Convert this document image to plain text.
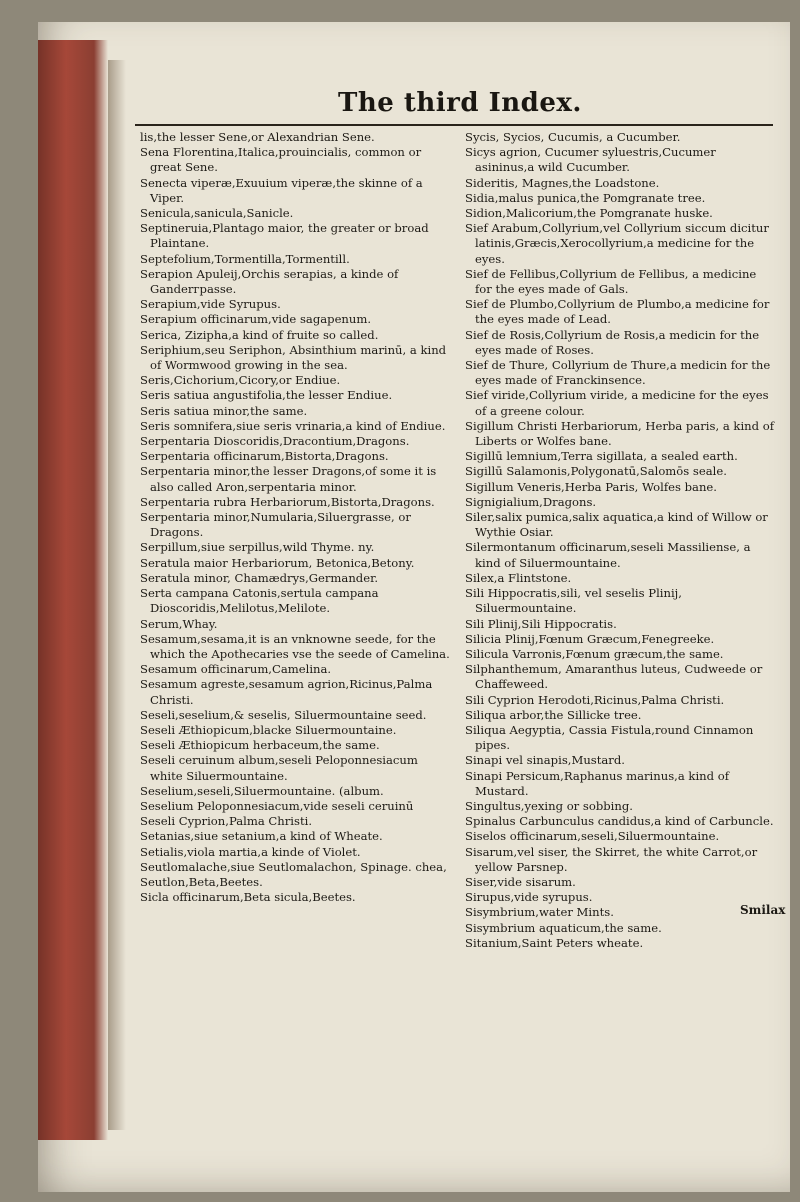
The third Index.

lis,the lesser Sene,or Alexandrian Sene.

Sena Florentina,Italica,prouincialis, common or great Sene.

Seneсta viperæ,Exuuium viperæ,the skinne of a Viper.

Senicula,sanicula,Sanicle.

Septineruia,Plantago maior, the greater or broad Plaintane.

Septefolium,Tormentilla,Tormentill.

Serapion Apuleij,Orchis serapias, a kinde of Ganderграsse.

Serapium,vide Syrupus.

Serapium officinarum,vide sagapenum.

Serica, Ziziphа,a kind of fruite so called.

Seriphium,seu Seriphon, Absinthium marinū, a kind of Wormwood growing in the sea.

Seris,Cichorium,Cicory,or Endiue.

Seris satiua angustifolia,the lesser Endiue.

Seris satiua minor,the same.

Seris somnifera,siue seris vrinaria,a kind of Endiue.

Serpentaria Dioscoridis,Dracontium,Dragons.

Serpentaria officinarum,Bistorta,Dragons.

Serpentaria minor,the lesser Dragons,of some it is also called Aron,serpentaria minor.

Serpentaria rubra Herbariorum,Bistorta,Dragons.

Serpentaria minor,Numularia,Siluergrasse, or Dragons.

Serpillum,siue serpillus,wild Thyme. ny.

Seratula maior Herbariorum, Betonica,Betony.

Seratula minor, Chamædrys,Germander.

Serta campana Catonis,sertula campana Dioscoridis,Melilotus,Melilote.

Serum,Whay.

Sesamum,sesama,it is an vnknowne seede, for the which the Apothecaries vse the seede of Camelina.

Sesamum officinarum,Camelina.

Sesamum agreste,sesamum agrion,Ricinus,Palma Christi.

Seseli,seselium,& seselis, Siluermountaine seed.

Seseli Æthiopicum,blacke Siluermountaine.

Seseli Æthiopicum herbaceum,the same.

Seseli ceruinum album,seseli Peloponnesiacum white Siluermountaine.

Seselium,seseli,Siluermountaine. (album.

Seselium Peloponnesiacum,vide seseli ceruinū

Seseli Cyprion,Palma Christi.

Setanias,siue setanium,a kind of Wheate.

Setialis,viola martia,a kinde of Violet.

Seutlomalache,siue Seutlomalachon, Spinage. chea,

Seutlon,Beta,Beetes.

Sicla officinarum,Beta sicula,Beetes.

Sycis, Sycios, Cucumis, a Cucumber.

Sicys agrion, Cucumer syluestris,Cucumer asininus,a wild Cucumber.

Sideritis, Magnes,the Loadstone.

Sidia,malus punica,the Pomgranate tree.

Sidion,Malicorium,the Pomgranate huske.

Sief Arabum,Collyrium,vel Collyrium siccum dicitur latinis,Græcis,Xerocollyrium,a medicine for the eyes.

Sief de Fellibus,Collyrium de Fellibus, a medicine for the eyes made of Gals.

Sief de Plumbo,Collyrium de Plumbo,a medicine for the eyes made of Lead.

Sief de Rosis,Collyrium de Rosis,a medicin for the eyes made of Roses.

Sief de Thure, Collyrium de Thure,a medicin for the eyes made of Franckinsence.

Sief viride,Collyrium viride, a medicine for the eyes of a greene colour.

Sigillum Christi Herbariorum, Herba paris, a kind of Liberts or Wolfes bane.

Sigillū lemnium,Terra sigillata, a sealed earth.

Sigillū Salamonis,Polygonatū,Salomōs seale.

Sigillum Veneris,Herba Paris, Wolfes bane.

Signigialium,Dragons.

Siler,salix pumica,salix aquatica,a kind of Willow or Wythie Osiar.

Silermontanum officinarum,seseli Massiliense, a kind of Siluermountaine.

Silex,a Flintstone.

Sili Hippocratis,sili, vel seselis Plinij, Siluermountaine.

Sili Plinij,Sili Hippocratis.

Silicia Plinij,Fœnum Græcum,Fenegreeke.

Silicula Varronis,Fœnum græcum,the same.

Silphanthemum, Amaranthus luteus, Cudweede or Chaffeweed.

Sili Cyprion Herodoti,Ricinus,Palma Christi.

Siliqua arbor,the Sillicke tree.

Siliqua Aegyptia, Cassia Fistula,round Cinnamon pipes.

Sinapi vel sinapis,Mustard.

Sinapi Persicum,Raphanus marinus,a kind of Mustard.

Singultus,yexing or sobbing.

Spinalus Carbunculus candidus,a kind of Carbuncle.

Siselos officinarum,seseli,Siluermountaine.

Sisarum,vel siser, the Skirret, the white Carrot,or yellow Parsnep.

Siser,vide sisarum.

Sirupus,vide syrupus.

Sisymbrium,water Mints.

Sisymbrium aquaticum,the same.

Sitanium,Saint Peters wheate.

Smilax
